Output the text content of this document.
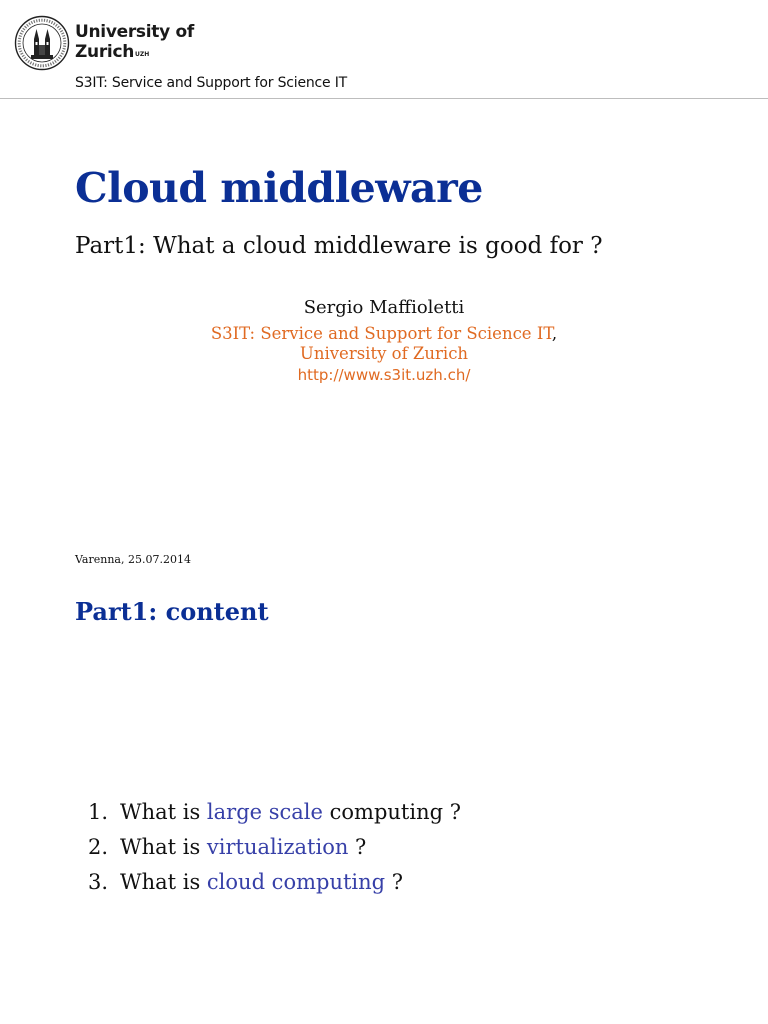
University of
Zurich$^{UZH}$
S3IT: Service and Support for Science IT
Cloud middleware
Part1: What a cloud middleware is good for ?
Sergio Maffioletti
S3IT: Service and Support for Science IT,
University of Zurich
http://www.s3it.uzh.ch/
Varenna, 25.07.2014
Part1: content
1. What is large scale computing ?
2. What is virtualization ?
3. What is cloud computing ?
